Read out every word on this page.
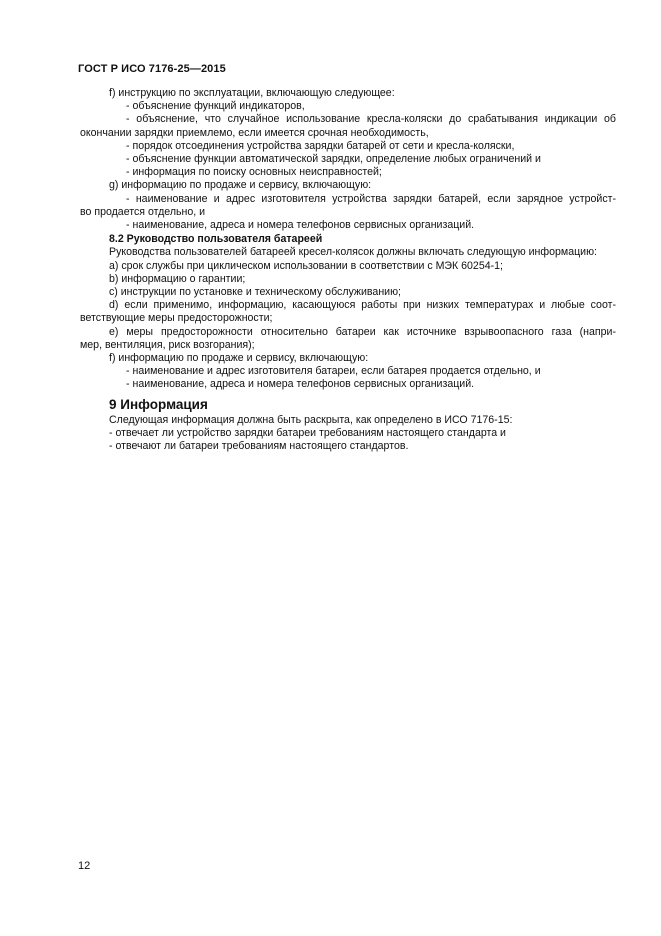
ГОСТ Р ИСО 7176-25—2015
f) инструкцию по эксплуатации, включающую следующее:
- объяснение функций индикаторов,
- объяснение, что случайное использование кресла-коляски до срабатывания индикации об
окончании зарядки приемлемо, если имеется срочная необходимость,
- порядок отсоединения устройства зарядки батарей от сети и кресла-коляски,
- объяснение функции автоматической зарядки, определение любых ограничений и
- информация по поиску основных неисправностей;
g) информацию по продаже и сервису, включающую:
- наименование и адрес изготовителя устройства зарядки батарей, если зарядное устройст-
во продается отдельно, и
- наименование, адреса и номера телефонов сервисных организаций.
8.2 Руководство пользователя батареей
Руководства пользователей батареей кресел-колясок должны включать следующую информацию:
a) срок службы при циклическом использовании в соответствии с МЭК 60254-1;
b) информацию о гарантии;
c) инструкции по установке и техническому обслуживанию;
d) если применимо, информацию, касающуюся работы при низких температурах и любые соот-
ветствующие меры предосторожности;
e) меры предосторожности относительно батареи как источнике взрывоопасного газа (напри-
мер, вентиляция, риск возгорания);
f) информацию по продаже и сервису, включающую:
- наименование и адрес изготовителя батареи, если батарея продается отдельно, и
- наименование, адреса и номера телефонов сервисных организаций.
9 Информация
Следующая информация должна быть раскрыта, как определено в ИСО 7176-15:
- отвечает ли устройство зарядки батареи требованиям настоящего стандарта и
- отвечают ли батареи требованиям настоящего стандартов.
12
